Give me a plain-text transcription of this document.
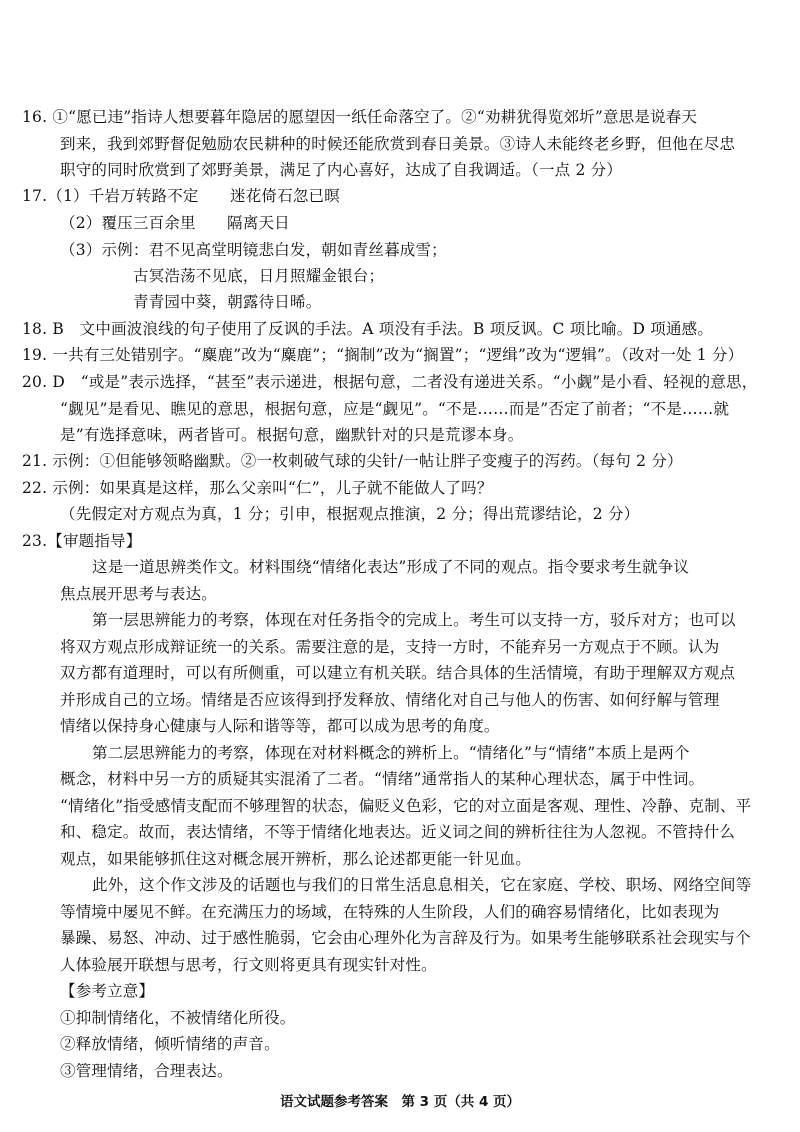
16. ①“愿已违”指诗人想要暮年隐居的愿望因一纸任命落空了。②“劝耕犹得览郊圻”意思是说春天
到来，我到郊野督促勉励农民耕种的时候还能欣赏到春日美景。③诗人未能终老乡野，但他在尽忠
职守的同时欣赏到了郊野美景，满足了内心喜好，达成了自我调适。（一点 2 分）
17.（1）千岩万转路不定　　迷花倚石忽已暝
（2）覆压三百余里　　隔离天日
（3）示例：君不见高堂明镜悲白发，朝如青丝暮成雪；
古冥浩荡不见底，日月照耀金银台；
青青园中葵，朝露待日晞。
18. B　文中画波浪线的句子使用了反讽的手法。A 项没有手法。B 项反讽。C 项比喻。D 项通感。
19. 一共有三处错别字。“麋鹿”改为“麋鹿”；“搁制”改为“搁置”；“逻缉”改为“逻辑”。（改对一处 1 分）
20. D　“或是”表示选择，“甚至”表示递进，根据句意，二者没有递进关系。“小觑”是小看、轻视的意思，
“觑见”是看见、瞧见的意思，根据句意，应是“觑见”。“不是……而是”否定了前者；“不是……就
是”有选择意味，两者皆可。根据句意，幽默针对的只是荒谬本身。
21. 示例：①但能够领略幽默。②一枚刺破气球的尖针/一帖让胖子变瘦子的泻药。（每句 2 分）
22. 示例：如果真是这样，那么父亲叫“仁”，儿子就不能做人了吗？
（先假定对方观点为真，1 分；引申，根据观点推演，2 分；得出荒谬结论，2 分）
23.【审题指导】
这是一道思辨类作文。材料围绕“情绪化表达”形成了不同的观点。指令要求考生就争议
焦点展开思考与表达。
第一层思辨能力的考察，体现在对任务指令的完成上。考生可以支持一方，驳斥对方；也可以
将双方观点形成辩证统一的关系。需要注意的是，支持一方时，不能弃另一方观点于不顾。认为
双方都有道理时，可以有所侧重，可以建立有机关联。结合具体的生活情境，有助于理解双方观点
并形成自己的立场。情绪是否应该得到抒发释放、情绪化对自己与他人的伤害、如何纾解与管理
情绪以保持身心健康与人际和谐等等，都可以成为思考的角度。
第二层思辨能力的考察，体现在对材料概念的辨析上。“情绪化”与“情绪”本质上是两个
概念，材料中另一方的质疑其实混淆了二者。“情绪”通常指人的某种心理状态，属于中性词。
“情绪化”指受感情支配而不够理智的状态，偏贬义色彩，它的对立面是客观、理性、冷静、克制、平
和、稳定。故而，表达情绪，不等于情绪化地表达。近义词之间的辨析往往为人忽视。不管持什么
观点，如果能够抓住这对概念展开辨析，那么论述都更能一针见血。
此外，这个作文涉及的话题也与我们的日常生活息息相关，它在家庭、学校、职场、网络空间等
等情境中屡见不鲜。在充满压力的场域，在特殊的人生阶段，人们的确容易情绪化，比如表现为
暴躁、易怒、冲动、过于感性脆弱，它会由心理外化为言辞及行为。如果考生能够联系社会现实与个
人体验展开联想与思考，行文则将更具有现实针对性。
【参考立意】
①抑制情绪化，不被情绪化所役。
②释放情绪，倾听情绪的声音。
③管理情绪，合理表达。
语文试题参考答案　第 3 页（共 4 页）
